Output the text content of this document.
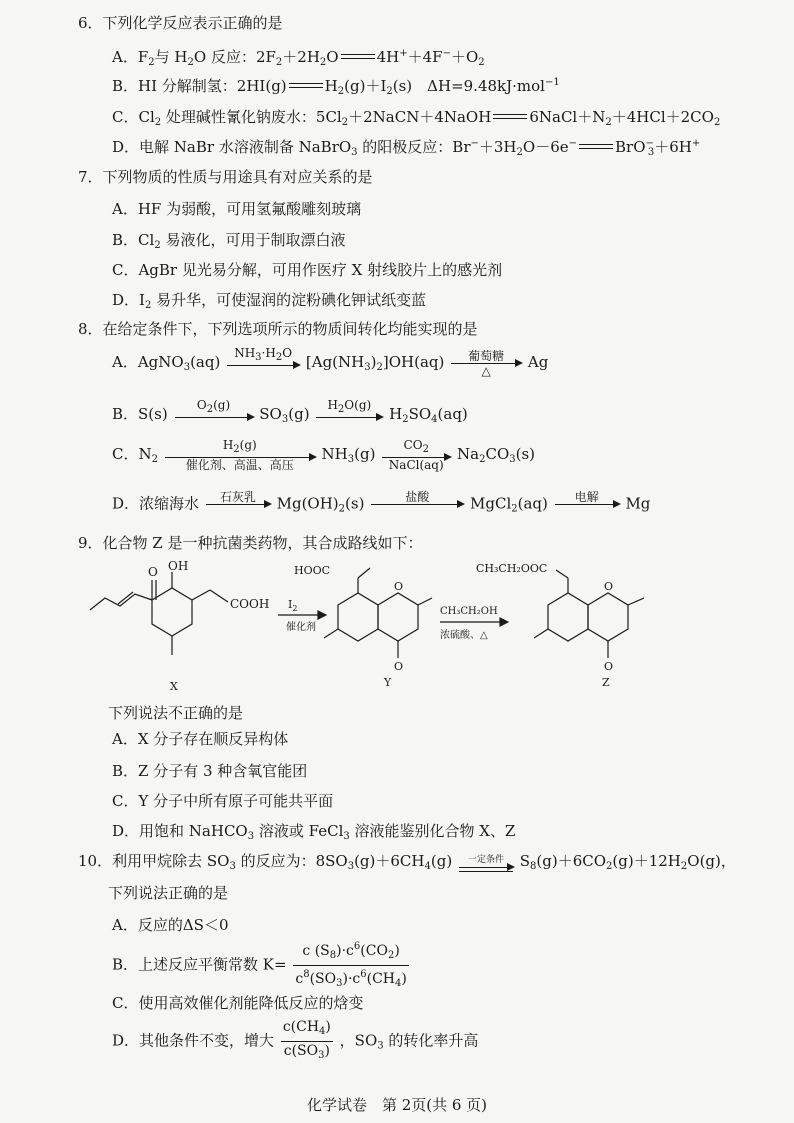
6．下列化学反应表示正确的是
A．$F_2$与 $H_2O$ 反应：$2F_2+2H_2O$	$4H^++4F^-+O_2$
B．HI 分解制氢：2HI(g)	$H_2(g)+I_2(s)$　ΔH=9.48kJ·mol$^{-1}$
C．$Cl_2$ 处理碱性氰化钠废水：$5Cl_2+2NaCN+4NaOH$	$6NaCl+N_2+4HCl+2CO_2$
D．电解 NaBr 水溶液制备 NaBrO$_3$ 的阳极反应：$Br^-+3H_2O-6e^-$	BrO−$_3$＋6H+
7．下列物质的性质与用途具有对应关系的是
A．HF 为弱酸，可用氢氟酸雕刻玻璃
B．$Cl_2$ 易液化，可用于制取漂白液
C．AgBr 见光易分解，可用作医疗 X 射线胶片上的感光剂
D．$I_2$ 易升华，可使湿润的淀粉碘化钾试纸变蓝
8．在给定条件下，下列选项所示的物质间转化均能实现的是
A．AgNO$_3$(aq)	$NH_3\cdot H_2O$
$[Ag(NH_3)_2]OH(aq)$	葡萄糖
△	Ag
B．S(s)	$O_2(g)$
	$SO_3(g)$	$H_2O(g)$
	$H_2SO_4(aq)$
C．$N_2$
$H_2(g)$
催化剂、高温、高压
$NH_3(g)$	$CO_2$
NaCl(aq)
$Na_2CO_3(s)$
D．浓缩海水	石灰乳
	$Mg(OH)_2(s)$	盐酸
	MgCl$_2$(aq)	电解
	Mg
9．化合物 Z 是一种抗菌类药物，其合成路线如下：
OH
O
COOH $I_2$
催化剂
HOOC
O
O
CH₃CH₂OH
浓硫酸、△
CH₃CH₂OOC
O
O
X	Y	Z
下列说法不正确的是
A．X 分子存在顺反异构体
B．Z 分子有 3 种含氧官能团
C．Y 分子中所有原子可能共平面
D．用饱和 NaHCO$_3$ 溶液或 FeCl$_3$ 溶液能鉴别化合物 X、Z
10．利用甲烷除去 $SO_3$ 的反应为：$8SO_3(g)+6CH_4(g)$	一定条件	$S_8(g)+6CO_2(g)+12H_2O(g)$，
下列说法正确的是
A．反应的ΔS＜0
B．上述反应平衡常数 $K= \frac{c (S_8)\cdot c^6(CO_2)}{c^8(SO_3)\cdot c^6(CH_4)}$
C．使用高效催化剂能降低反应的焓变
D．其他条件不变，增大 $\frac{c(CH_4)}{c(SO_3)}$ ，$SO_3$ 的转化率升高
化学试卷　第 2页(共 6 页)
